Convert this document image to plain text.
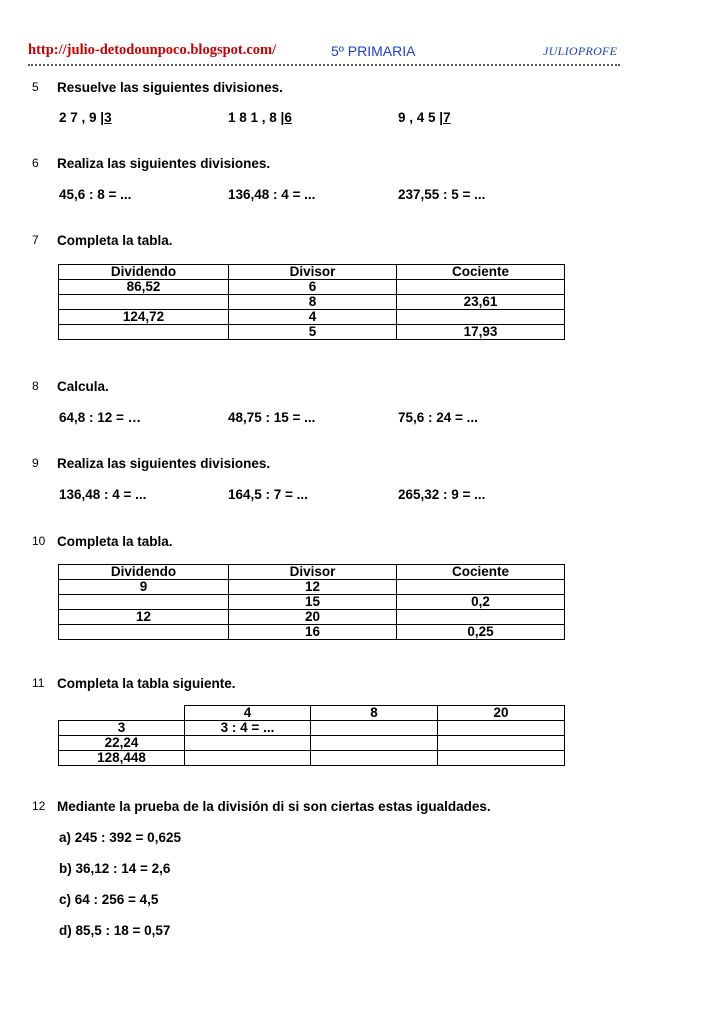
http://julio-detodounpoco.blogspot.com/	5º PRIMARIA	JULIOPROFE
5 Resuelve las siguientes divisiones.
2 7 , 9 |3	1 8 1 , 8 |6	9 , 4 5 |7
6 Realiza las siguientes divisiones.
45,6 : 8 = ...	136,48 : 4 = ...	237,55 : 5 = ...
7 Completa la tabla.
Dividendo	Divisor	Cociente
86,52	6	
	8	23,61
124,72	4	
	5	17,93
8 Calcula.
64,8 : 12 = …	48,75 : 15 = ...	75,6 : 24 = ...
9 Realiza las siguientes divisiones.
136,48 : 4 = ...	164,5 : 7 = ...	265,32 : 9 = ...
10 Completa la tabla.
Dividendo	Divisor	Cociente
9	12	
	15	0,2
12	20	
	16	0,25
11 Completa la tabla siguiente.
	4	8	20
3	3 : 4 = ...		
22,24			
128,448			
12 Mediante la prueba de la división di si son ciertas estas igualdades.
a) 245 : 392 = 0,625
b) 36,12 : 14 = 2,6
c) 64 : 256 = 4,5
d) 85,5 : 18 = 0,57
